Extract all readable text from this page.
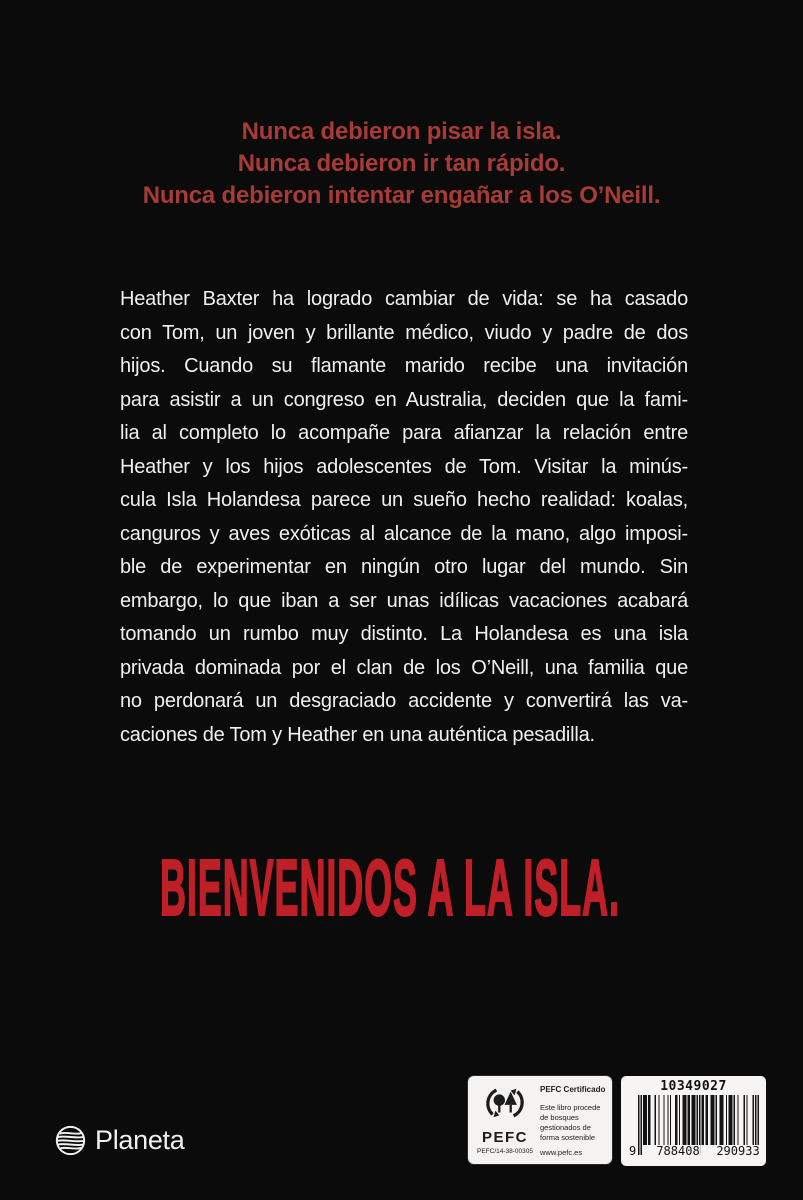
Nunca debieron pisar la isla.
Nunca debieron ir tan rápido.
Nunca debieron intentar engañar a los O’Neill.
Heather Baxter ha logrado cambiar de vida: se ha casado
con Tom, un joven y brillante médico, viudo y padre de dos
hijos. Cuando su flamante marido recibe una invitación
para asistir a un congreso en Australia, deciden que la fami-
lia al completo lo acompañe para afianzar la relación entre
Heather y los hijos adolescentes de Tom. Visitar la minús-
cula Isla Holandesa parece un sueño hecho realidad: koalas,
canguros y aves exóticas al alcance de la mano, algo imposi-
ble de experimentar en ningún otro lugar del mundo. Sin
embargo, lo que iban a ser unas idílicas vacaciones acabará
tomando un rumbo muy distinto. La Holandesa es una isla
privada dominada por el clan de los O’Neill, una familia que
no perdonará un desgraciado accidente y convertirá las va-
caciones de Tom y Heather en una auténtica pesadilla.
BIENVENIDOS A LA ISLA.
Planeta	PEFC
PEFC/14-38-00305
PEFC Certificado
Este libro procede de bosques gestionados de forma sostenible
www.pefc.es
10349027
9 788408 290933
